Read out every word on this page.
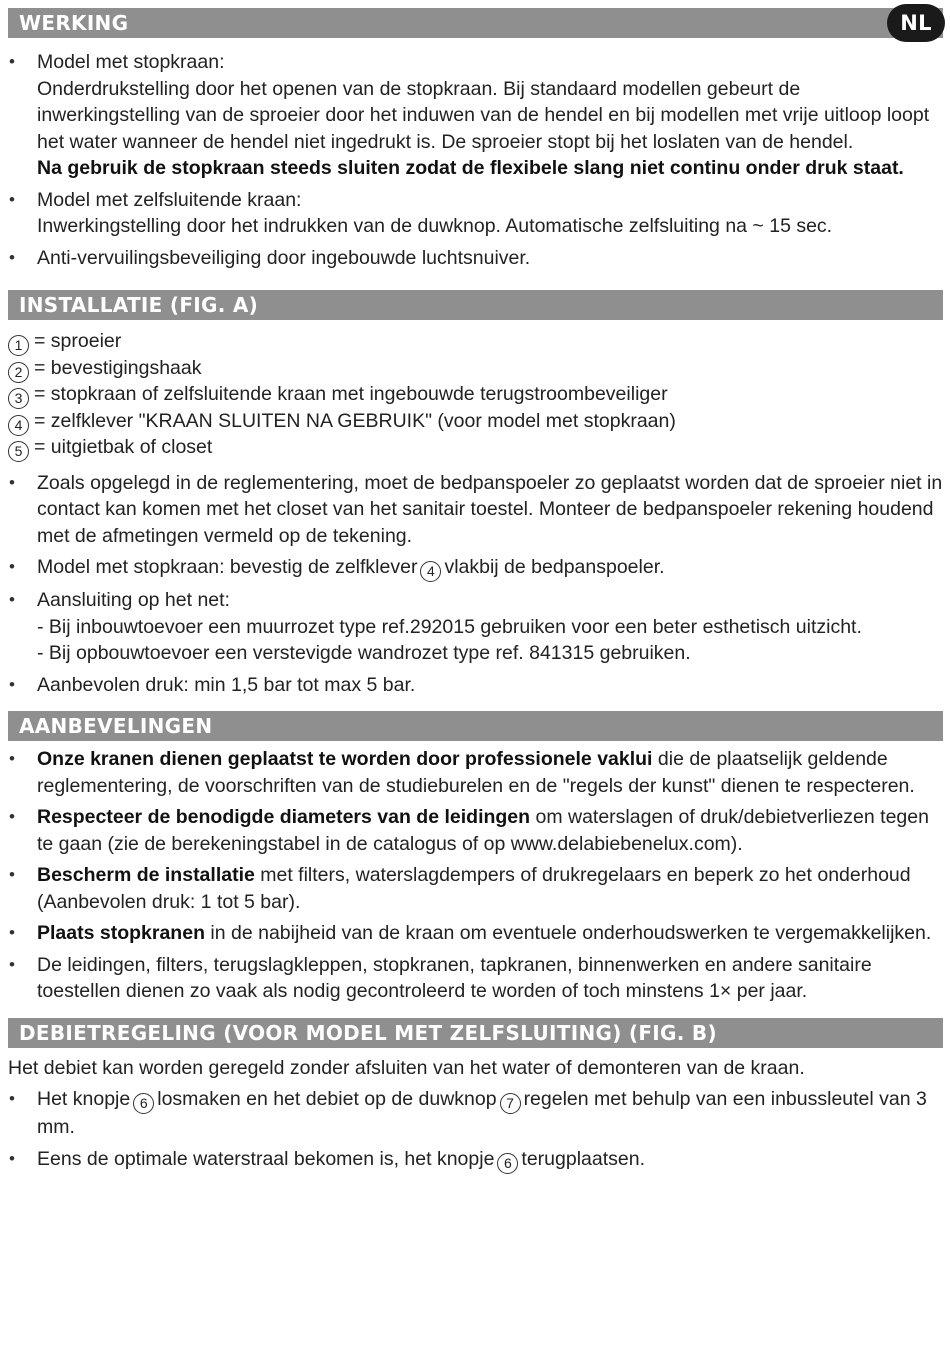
WERKING	NL
• Model met stopkraan:
Onderdrukstelling door het openen van de stopkraan. Bij standaard modellen gebeurt de inwerkingstelling van de sproeier door het induwen van de hendel en bij modellen met vrije uitloop loopt het water wanneer de hendel niet ingedrukt is. De sproeier stopt bij het loslaten van de hendel.
Na gebruik de stopkraan steeds sluiten zodat de flexibele slang niet continu onder druk staat.
• Model met zelfsluitende kraan:
Inwerkingstelling door het indrukken van de duwknop. Automatische zelfsluiting na ~ 15 sec.
• Anti-vervuilingsbeveiliging door ingebouwde luchtsnuiver.
INSTALLATIE (FIG. A)
1 = sproeier
2 = bevestigingshaak
3 = stopkraan of zelfsluitende kraan met ingebouwde terugstroombeveiliger
4 = zelfklever "KRAAN SLUITEN NA GEBRUIK" (voor model met stopkraan)
5 = uitgietbak of closet
• Zoals opgelegd in de reglementering, moet de bedpanspoeler zo geplaatst worden dat de sproeier niet in contact kan komen met het closet van het sanitair toestel. Monteer de bedpanspoeler rekening houdend met de afmetingen vermeld op de tekening.
• Model met stopkraan: bevestig de zelfklever 4 vlakbij de bedpanspoeler.
• Aansluiting op het net:
- Bij inbouwtoevoer een muurrozet type ref.292015 gebruiken voor een beter esthetisch uitzicht.
- Bij opbouwtoevoer een verstevigde wandrozet type ref. 841315 gebruiken.
• Aanbevolen druk: min 1,5 bar tot max 5 bar.
AANBEVELINGEN
• Onze kranen dienen geplaatst te worden door professionele vaklui die de plaatselijk geldende reglementering, de voorschriften van de studieburelen en de "regels der kunst" dienen te respecteren.
• Respecteer de benodigde diameters van de leidingen om waterslagen of druk/debietverliezen tegen te gaan (zie de berekeningstabel in de catalogus of op www.delabiebenelux.com).
• Bescherm de installatie met filters, waterslagdempers of drukregelaars en beperk zo het onderhoud (Aanbevolen druk: 1 tot 5 bar).
• Plaats stopkranen in de nabijheid van de kraan om eventuele onderhoudswerken te vergemakkelijken.
• De leidingen, filters, terugslagkleppen, stopkranen, tapkranen, binnenwerken en andere sanitaire toestellen dienen zo vaak als nodig gecontroleerd te worden of toch minstens 1× per jaar.
DEBIETREGELING (VOOR MODEL MET ZELFSLUITING) (FIG. B)

Het debiet kan worden geregeld zonder afsluiten van het water of demonteren van de kraan.

• Het knopje 6 losmaken en het debiet op de duwknop 7 regelen met behulp van een inbussleutel van 3 mm.
• Eens de optimale waterstraal bekomen is, het knopje 6 terugplaatsen.
